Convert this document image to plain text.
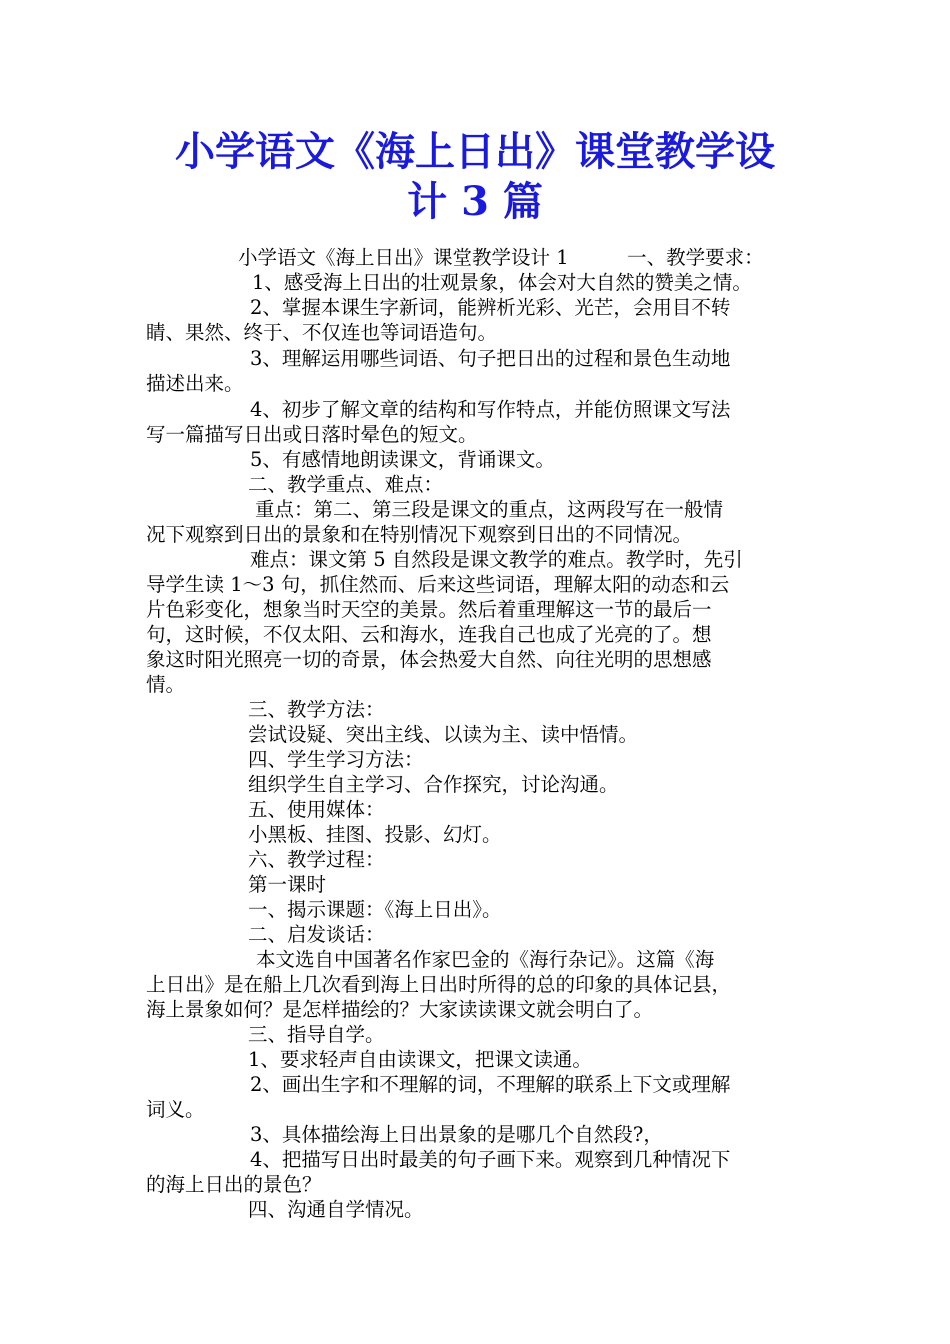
小学语文《海上日出》课堂教学设
计 3 篇

小学语文《海上日出》课堂教学设计 1　　　一、教学要求：

1、感受海上日出的壮观景象，体会对大自然的赞美之情。

2、掌握本课生字新词，能辨析光彩、光芒，会用目不转

睛、果然、终于、不仅连也等词语造句。

3、理解运用哪些词语、句子把日出的过程和景色生动地

描述出来。

4、初步了解文章的结构和写作特点，并能仿照课文写法

写一篇描写日出或日落时晕色的短文。

5、有感情地朗读课文，背诵课文。

二、教学重点、难点：

重点：第二、第三段是课文的重点，这两段写在一般情

况下观察到日出的景象和在特别情况下观察到日出的不同情况。

难点：课文第 5 自然段是课文教学的难点。教学时，先引

导学生读 1～3 句，抓住然而、后来这些词语，理解太阳的动态和云

片色彩变化，想象当时天空的美景。然后着重理解这一节的最后一

句，这时候，不仅太阳、云和海水，连我自己也成了光亮的了。想

象这时阳光照亮一切的奇景，体会热爱大自然、向往光明的思想感

情。

三、教学方法：

尝试设疑、突出主线、以读为主、读中悟情。

四、学生学习方法：

组织学生自主学习、合作探究，讨论沟通。

五、使用媒体：

小黑板、挂图、投影、幻灯。

六、教学过程：

第一课时

一、揭示课题：《海上日出》。

二、启发谈话：

本文选自中国著名作家巴金的《海行杂记》。这篇《海

上日出》是在船上几次看到海上日出时所得的总的印象的具体记县，

海上景象如何？是怎样描绘的？大家读读课文就会明白了。

三、指导自学。

1、要求轻声自由读课文，把课文读通。

2、画出生字和不理解的词，不理解的联系上下文或理解

词义。

3、具体描绘海上日出景象的是哪几个自然段?，

4、把描写日出时最美的句子画下来。观察到几种情况下

的海上日出的景色？

四、沟通自学情况。
